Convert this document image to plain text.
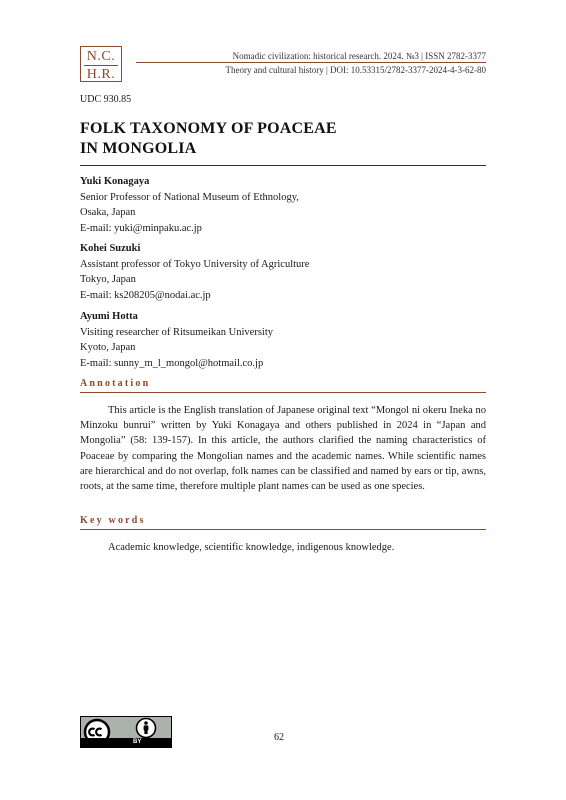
N.C.
H.R.
Nomadic civilization: historical research. 2024. №3 | ISSN 2782-3377
Theory and cultural history | DOI: 10.53315/2782-3377-2024-4-3-62-80
UDC 930.85
FOLK TAXONOMY OF POACEAE
IN MONGOLIA
Yuki Konagaya
Senior Professor of National Museum of Ethnology,
Osaka, Japan
E-mail: yuki@minpaku.ac.jp
Kohei Suzuki
Assistant professor of Tokyo University of Agriculture
Tokyo, Japan
E-mail: ks208205@nodai.ac.jp
Ayumi Hotta
Visiting researcher of Ritsumeikan University
Kyoto, Japan
E-mail: sunny_m_l_mongol@hotmail.co.jp
Annotation
This article is the English translation of Japanese original text “Mongol ni okeru Ineka no Minzoku bunrui” written by Yuki Konagaya and others published in 2024 in “Japan and Mongolia” (58: 139-157). In this article, the authors clarified the naming characteristics of Poaceae by comparing the Mongolian names and the academic names. While scientific names are hierarchical and do not overlap, folk names can be classified and named by ears or tip, awns, roots, at the same time, therefore multiple plant names can be used as one species.
Key words
Academic knowledge, scientific knowledge, indigenous knowledge.
BY	62
